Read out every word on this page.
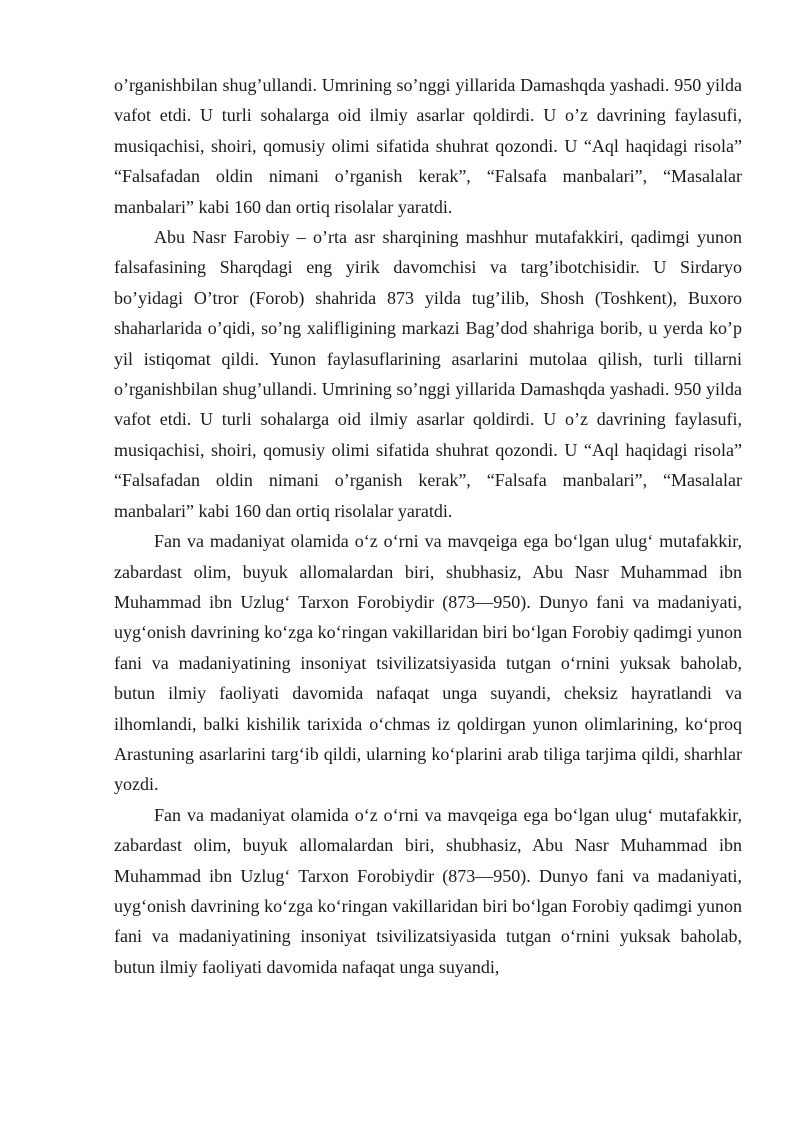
o’rganishbilan shug’ullandi. Umrining so’nggi yillarida Damashqda yashadi. 950 yilda vafot etdi. U turli sohalarga oid ilmiy asarlar qoldirdi. U o’z davrining faylasufi, musiqachisi, shoiri, qomusiy olimi sifatida shuhrat qozondi. U “Aql haqidagi risola” “Falsafadan oldin nimani o’rganish kerak”, “Falsafa manbalari”, “Masalalar manbalari” kabi 160 dan ortiq risolalar yaratdi.

Abu Nasr Farobiy – o’rta asr sharqining mashhur mutafakkiri, qadimgi yunon falsafasining Sharqdagi eng yirik davomchisi va targ’ibotchisidir. U Sirdaryo bo’yidagi O’tror (Forob) shahrida 873 yilda tug’ilib, Shosh (Toshkent), Buxoro shaharlarida o’qidi, so’ng xalifligining markazi Bag’dod shahriga borib, u yerda ko’p yil istiqomat qildi. Yunon faylasuflarining asarlarini mutolaa qilish, turli tillarni o’rganishbilan shug’ullandi. Umrining so’nggi yillarida Damashqda yashadi. 950 yilda vafot etdi. U turli sohalarga oid ilmiy asarlar qoldirdi. U o’z davrining faylasufi, musiqachisi, shoiri, qomusiy olimi sifatida shuhrat qozondi. U “Aql haqidagi risola” “Falsafadan oldin nimani o’rganish kerak”, “Falsafa manbalari”, “Masalalar manbalari” kabi 160 dan ortiq risolalar yaratdi.

Fan va madaniyat olamida o‘z o‘rni va mavqeiga ega bo‘lgan ulug‘ mutafakkir, zabardast olim, buyuk allomalardan biri, shubhasiz, Abu Nasr Muhammad ibn Muhammad ibn Uzlug‘ Tarxon Forobiydir (873—950). Dunyo fani va madaniyati, uyg‘onish davrining ko‘zga ko‘ringan vakillaridan biri bo‘lgan Forobiy qadimgi yunon fani va madaniyatining insoniyat tsivilizatsiyasida tutgan o‘rnini yuksak baholab, butun ilmiy faoliyati davomida nafaqat unga suyandi, cheksiz hayratlandi va ilhomlandi, balki kishilik tarixida o‘chmas iz qoldirgan yunon olimlarining, ko‘proq Arastuning asarlarini targ‘ib qildi, ularning ko‘plarini arab tiliga tarjima qildi, sharhlar yozdi.

Fan va madaniyat olamida o‘z o‘rni va mavqeiga ega bo‘lgan ulug‘ mutafakkir, zabardast olim, buyuk allomalardan biri, shubhasiz, Abu Nasr Muhammad ibn Muhammad ibn Uzlug‘ Tarxon Forobiydir (873—950). Dunyo fani va madaniyati, uyg‘onish davrining ko‘zga ko‘ringan vakillaridan biri bo‘lgan Forobiy qadimgi yunon fani va madaniyatining insoniyat tsivilizatsiyasida tutgan o‘rnini yuksak baholab, butun ilmiy faoliyati davomida nafaqat unga suyandi,
